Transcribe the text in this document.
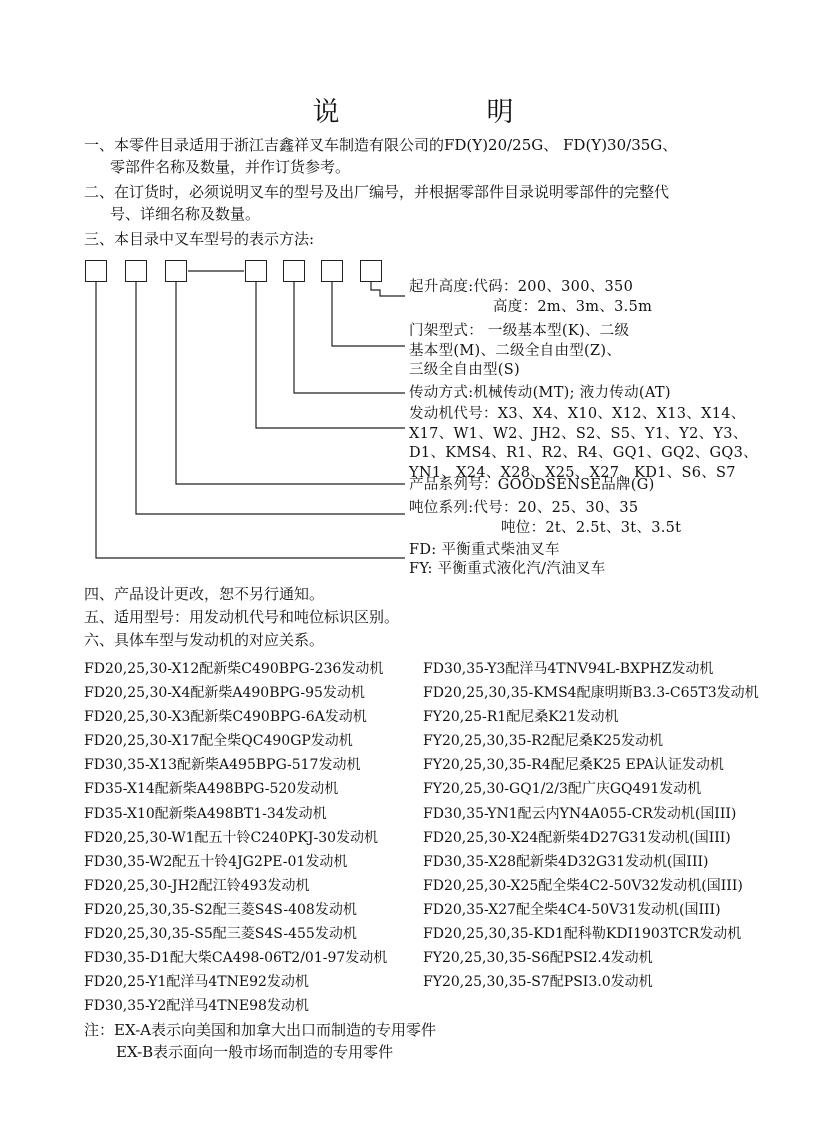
说　明
一、本零件目录适用于浙江吉鑫祥叉车制造有限公司的FD(Y)20/25G、 FD(Y)30/35G、
零部件名称及数量，并作订货参考。
二、在订货时，必须说明叉车的型号及出厂编号，并根据零部件目录说明零部件的完整代
号、详细名称及数量。
三、本目录中叉车型号的表示方法:
起升高度:代码：200、300、350
高度：2m、3m、3.5m
门架型式： 一级基本型(K)、二级
基本型(M)、二级全自由型(Z)、
三级全自由型(S)
传动方式:机械传动(MT); 液力传动(AT)
发动机代号：X3、X4、X10、X12、X13、X14、
X17、W1、W2、JH2、S2、S5、Y1、Y2、Y3、
D1、KMS4、R1、R2、R4、GQ1、GQ2、GQ3、
YN1、X24、X28、X25、X27、KD1、S6、S7
产品系列号：GOODSENSE品牌(G)
吨位系列:代号：20、25、30、35
吨位：2t、2.5t、3t、3.5t
FD: 平衡重式柴油叉车
FY: 平衡重式液化汽/汽油叉车
四、产品设计更改，恕不另行通知。
五、适用型号：用发动机代号和吨位标识区别。
六、具体车型与发动机的对应关系。
FD20,25,30-X12配新柴C490BPG-236发动机
FD20,25,30-X4配新柴A490BPG-95发动机
FD20,25,30-X3配新柴C490BPG-6A发动机
FD20,25,30-X17配全柴QC490GP发动机
FD30,35-X13配新柴A495BPG-517发动机
FD35-X14配新柴A498BPG-520发动机
FD35-X10配新柴A498BT1-34发动机
FD20,25,30-W1配五十铃C240PKJ-30发动机
FD30,35-W2配五十铃4JG2PE-01发动机
FD20,25,30-JH2配江铃493发动机
FD20,25,30,35-S2配三菱S4S-408发动机
FD20,25,30,35-S5配三菱S4S-455发动机
FD30,35-D1配大柴CA498-06T2/01-97发动机
FD20,25-Y1配洋马4TNE92发动机
FD30,35-Y2配洋马4TNE98发动机
FD30,35-Y3配洋马4TNV94L-BXPHZ发动机
FD20,25,30,35-KMS4配康明斯B3.3-C65T3发动机
FY20,25-R1配尼桑K21发动机
FY20,25,30,35-R2配尼桑K25发动机
FY20,25,30,35-R4配尼桑K25 EPA认证发动机
FY20,25,30-GQ1/2/3配广庆GQ491发动机
FD30,35-YN1配云内YN4A055-CR发动机(国III)
FD20,25,30-X24配新柴4D27G31发动机(国III)
FD30,35-X28配新柴4D32G31发动机(国III)
FD20,25,30-X25配全柴4C2-50V32发动机(国III)
FD20,35-X27配全柴4C4-50V31发动机(国III)
FD20,25,30,35-KD1配科勒KDI1903TCR发动机
FY20,25,30,35-S6配PSI2.4发动机
FY20,25,30,35-S7配PSI3.0发动机
注：EX-A表示向美国和加拿大出口而制造的专用零件
EX-B表示面向一般市场而制造的专用零件
